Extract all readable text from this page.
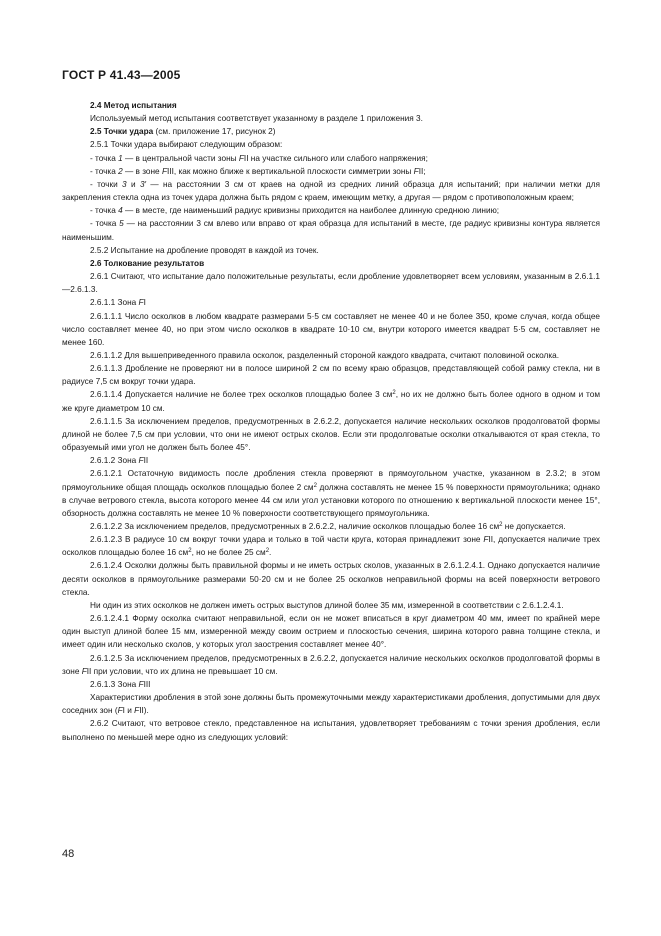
ГОСТ Р 41.43—2005

2.4 Метод испытания

Используемый метод испытания соответствует указанному в разделе 1 приложения 3.

2.5 Точки удара (см. приложение 17, рисунок 2)

2.5.1 Точки удара выбирают следующим образом:

- точка 1 — в центральной части зоны FII на участке сильного или слабого напряжения;

- точка 2 — в зоне FIII, как можно ближе к вертикальной плоскости симметрии зоны FII;

- точки 3 и 3′ — на расстоянии 3 см от краев на одной из средних линий образца для испытаний; при наличии метки для закрепления стекла одна из точек удара должна быть рядом с краем, имеющим метку, а другая — рядом с противоположным краем;

- точка 4 — в месте, где наименьший радиус кривизны приходится на наиболее длинную среднюю линию;

- точка 5 — на расстоянии 3 см влево или вправо от края образца для испытаний в месте, где радиус кривизны контура является наименьшим.

2.5.2 Испытание на дробление проводят в каждой из точек.

2.6 Толкование результатов

2.6.1 Считают, что испытание дало положительные результаты, если дробление удовлетворяет всем условиям, указанным в 2.6.1.1—2.6.1.3.

2.6.1.1 Зона FI

2.6.1.1.1 Число осколков в любом квадрате размерами 5·5 см составляет не менее 40 и не более 350, кроме случая, когда общее число составляет менее 40, но при этом число осколков в квадрате 10·10 см, внутри которого имеется квадрат 5·5 см, составляет не менее 160.

2.6.1.1.2 Для вышеприведенного правила осколок, разделенный стороной каждого квадрата, считают половиной осколка.

2.6.1.1.3 Дробление не проверяют ни в полосе шириной 2 см по всему краю образцов, представляющей собой рамку стекла, ни в радиусе 7,5 см вокруг точки удара.

2.6.1.1.4 Допускается наличие не более трех осколков площадью более 3 $см^2$, но их не должно быть более одного в одном и том же круге диаметром 10 см.

2.6.1.1.5 За исключением пределов, предусмотренных в 2.6.2.2, допускается наличие нескольких осколков продолговатой формы длиной не более 7,5 см при условии, что они не имеют острых сколов. Если эти продолговатые осколки откалываются от края стекла, то образуемый ими угол не должен быть более 45°.

2.6.1.2 Зона FII

2.6.1.2.1 Остаточную видимость после дробления стекла проверяют в прямоугольном участке, указанном в 2.3.2; в этом прямоугольнике общая площадь осколков площадью более 2 $см^2$ должна составлять не менее 15 % поверхности прямоугольника; однако в случае ветрового стекла, высота которого менее 44 см или угол установки которого по отношению к вертикальной плоскости менее 15°, обзорность должна составлять не менее 10 % поверхности соответствующего прямоугольника.

2.6.1.2.2 За исключением пределов, предусмотренных в 2.6.2.2, наличие осколков площадью более 16 $см^2$ не допускается.

2.6.1.2.3 В радиусе 10 см вокруг точки удара и только в той части круга, которая принадлежит зоне FII, допускается наличие трех осколков площадью более 16 $см^2$, но не более 25 $см^2$.

2.6.1.2.4 Осколки должны быть правильной формы и не иметь острых сколов, указанных в 2.6.1.2.4.1. Однако допускается наличие десяти осколков в прямоугольнике размерами 50·20 см и не более 25 осколков неправильной формы на всей поверхности ветрового стекла.

Ни один из этих осколков не должен иметь острых выступов длиной более 35 мм, измеренной в соответствии с 2.6.1.2.4.1.

2.6.1.2.4.1 Форму осколка считают неправильной, если он не может вписаться в круг диаметром 40 мм, имеет по крайней мере один выступ длиной более 15 мм, измеренной между своим острием и плоскостью сечения, ширина которого равна толщине стекла, и имеет один или несколько сколов, у которых угол заострения составляет менее 40°.

2.6.1.2.5 За исключением пределов, предусмотренных в 2.6.2.2, допускается наличие нескольких осколков продолговатой формы в зоне FII при условии, что их длина не превышает 10 см.

2.6.1.3 Зона FIII

Характеристики дробления в этой зоне должны быть промежуточными между характеристиками дробления, допустимыми для двух соседних зон (FI и FII).

2.6.2 Считают, что ветровое стекло, представленное на испытания, удовлетворяет требованиям с точки зрения дробления, если выполнено по меньшей мере одно из следующих условий:

48
